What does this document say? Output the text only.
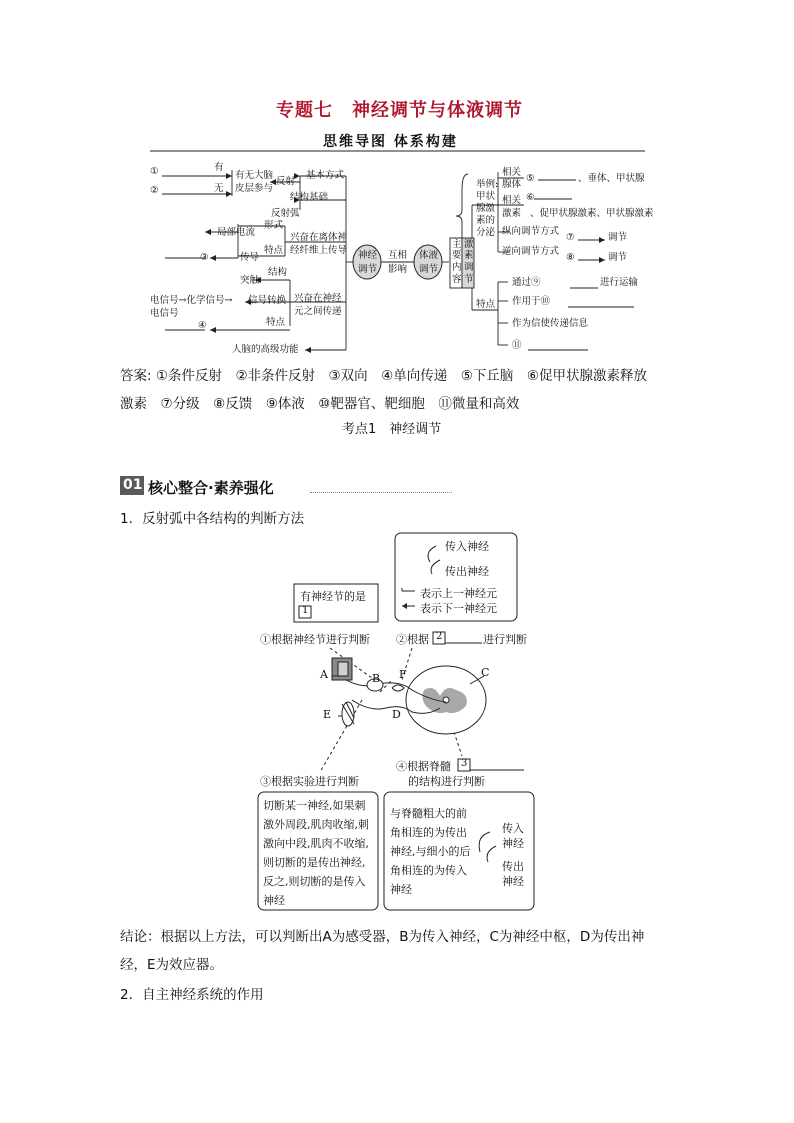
专题七　神经调节与体液调节
思维导图 体系构建
①
②
有
无
有无大脑
皮层参与
反射
基本方式
结构基础
反射弧
局部电流
形式
特点
兴奋在离体神
经纤维上传导
③	传导
突触
结构
电信号→化学信号→
电信号
信号转换 兴奋在神经
元之间传递
④	特点
人脑的高级功能
神经
调节
互相
影响
体液
调节
主
要
内
容
激
素
调
节
举例:
甲状
腺激
素的
分泌
相关
腺体
⑤	、垂体、甲状腺
相关
激素
⑥
、促甲状腺激素、甲状腺激素
纵向调节方式
⑦	调节
逆向调节方式
⑧	调节
特点
通过⑨	进行运输
作用于⑩
作为信使传递信息
⑪
答案: ①条件反射　②非条件反射　③双向　④单向传递　⑤下丘脑　⑥促甲状腺激素释放
激素　⑦分级　⑧反馈　⑨体液　⑩靶器官、靶细胞　⑪微量和高效
考点1　神经调节
01 核心整合·素养强化
1．反射弧中各结构的判断方法
传入神经
传出神经
表示上一神经元
表示下一神经元
有神经节的是
1
2
3
①根据神经节进行判断 ②根据	进行判断
③根据实验进行判断
④根据脊髓
的结构进行判断
A	B	C
D
E
F
切断某一神经,如果刺激外周段,肌肉收缩,刺激向中段,肌肉不收缩,则切断的是传出神经,反之,则切断的是传入神经
与脊髓粗大的前角相连的为传出神经,与细小的后角相连的为传入神经
传入
神经
传出
神经
结论：根据以上方法，可以判断出A为感受器，B为传入神经，C为神经中枢，D为传出神
经，E为效应器。
2．自主神经系统的作用
